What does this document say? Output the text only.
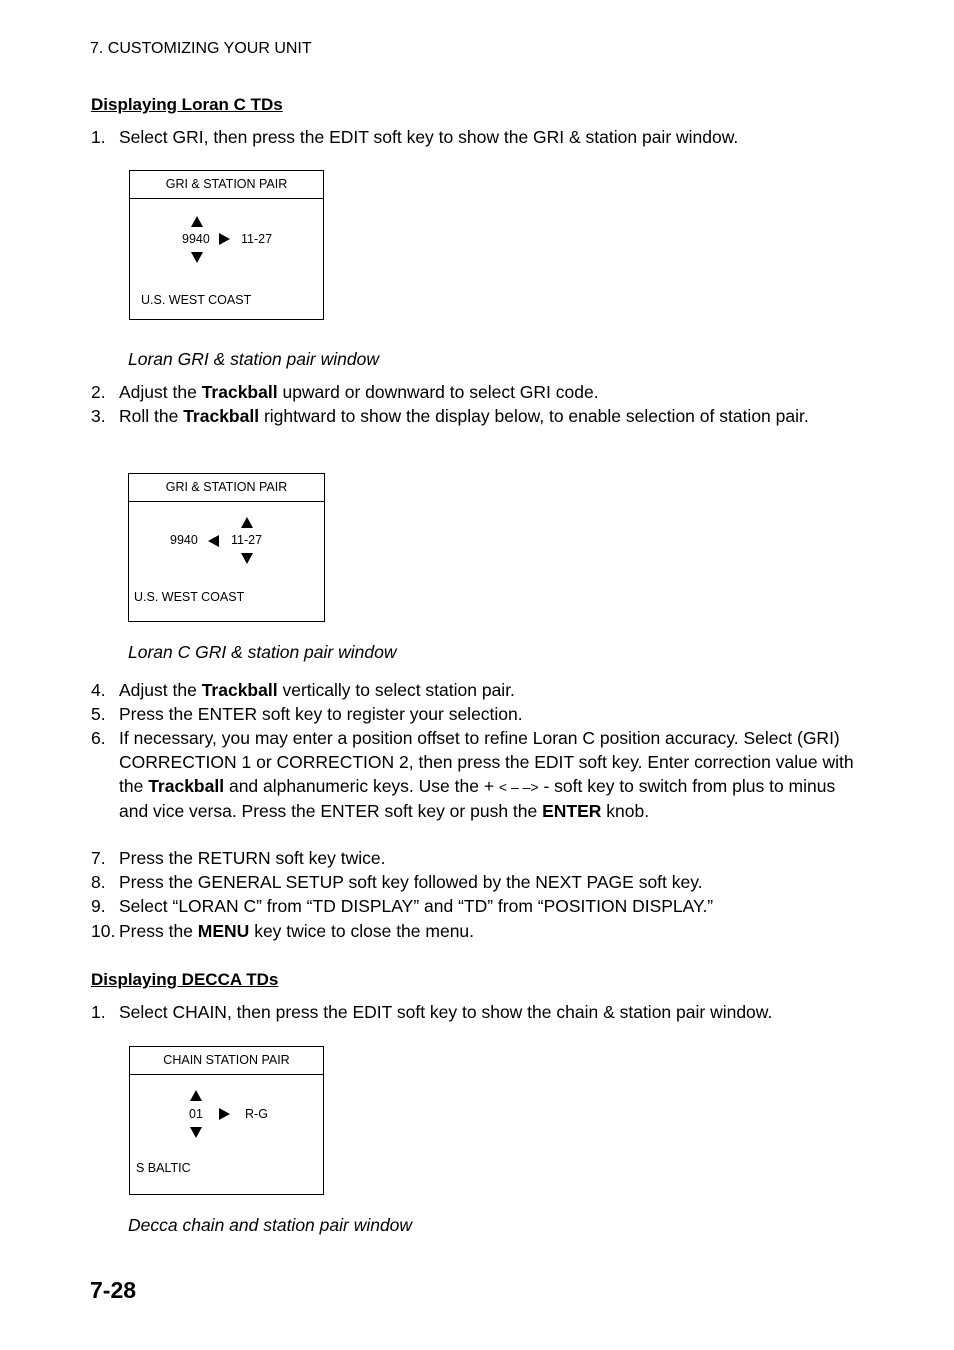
7. CUSTOMIZING YOUR UNIT
Displaying Loran C TDs
1. Select GRI, then press the EDIT soft key to show the GRI & station pair window.
GRI & STATION PAIR
9940 11-27
U.S. WEST COAST
Loran GRI & station pair window
2. Adjust the Trackball upward or downward to select GRI code.
3. Roll the Trackball rightward to show the display below, to enable selection of station pair.
GRI & STATION PAIR
9940	11-27
U.S. WEST COAST
Loran C GRI & station pair window
4. Adjust the Trackball vertically to select station pair.
5. Press the ENTER soft key to register your selection.
6. If necessary, you may enter a position offset to refine Loran C position accuracy. Select (GRI) CORRECTION 1 or CORRECTION 2, then press the EDIT soft key. Enter correction value with the Trackball and alphanumeric keys. Use the + < – –> - soft key to switch from plus to minus and vice versa. Press the ENTER soft key or push the ENTER knob.
7. Press the RETURN soft key twice.
8. Press the GENERAL SETUP soft key followed by the NEXT PAGE soft key.
9. Select “LORAN C” from “TD DISPLAY” and “TD” from “POSITION DISPLAY.”
10. Press the MENU key twice to close the menu.
Displaying DECCA TDs
1. Select CHAIN, then press the EDIT soft key to show the chain & station pair window.
CHAIN STATION PAIR
01	R-G
S BALTIC
Decca chain and station pair window
7-28
